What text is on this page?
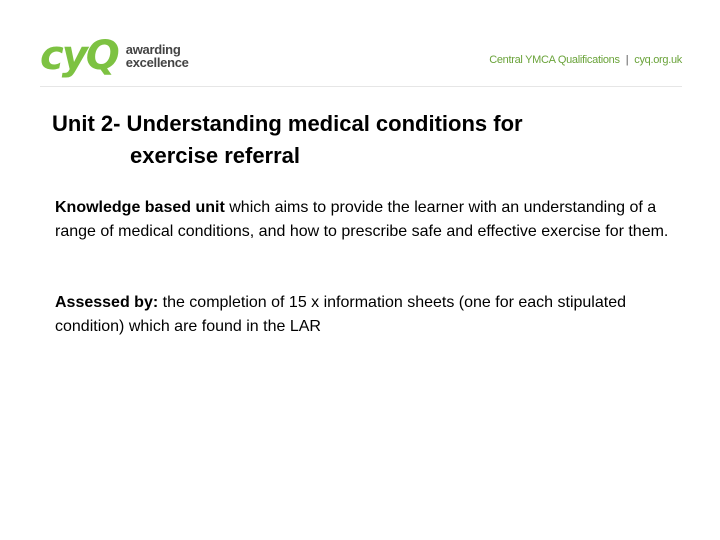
cyQ awarding
excellence	Central YMCA Qualifications | cyq.org.uk
Unit 2- Understanding medical conditions for
exercise referral

Knowledge based unit which aims to provide the learner with an understanding of a range of medical conditions, and how to prescribe safe and effective exercise for them.

Assessed by: the completion of 15 x information sheets (one for each stipulated condition) which are found in the LAR
